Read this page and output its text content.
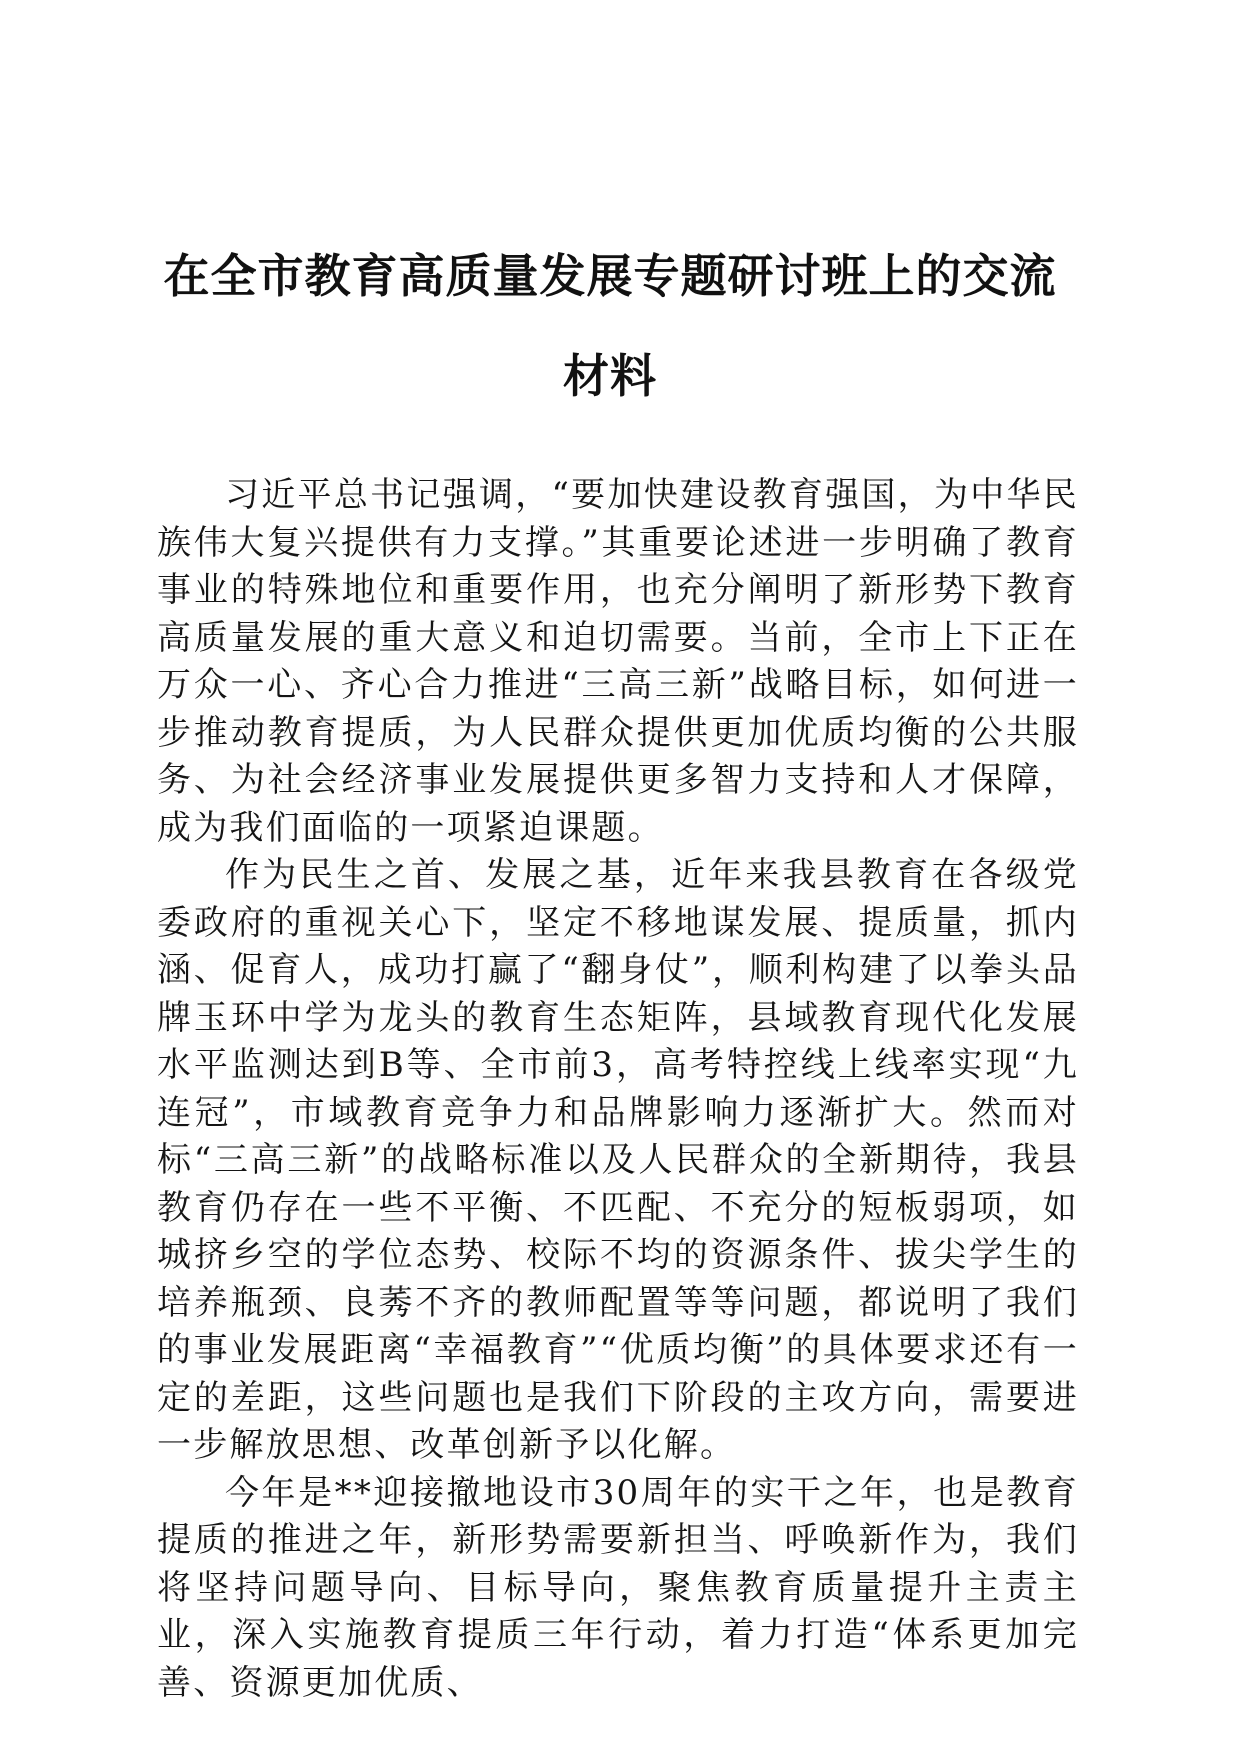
在全市教育高质量发展专题研讨班上的交流材料

习近平总书记强调，“要加快建设教育强国，为中华民族伟大复兴提供有力支撑。”其重要论述进一步明确了教育事业的特殊地位和重要作用，也充分阐明了新形势下教育高质量发展的重大意义和迫切需要。当前，全市上下正在万众一心、齐心合力推进“三高三新”战略目标，如何进一步推动教育提质，为人民群众提供更加优质均衡的公共服务、为社会经济事业发展提供更多智力支持和人才保障，成为我们面临的一项紧迫课题。

作为民生之首、发展之基，近年来我县教育在各级党委政府的重视关心下，坚定不移地谋发展、提质量，抓内涵、促育人，成功打赢了“翻身仗”，顺利构建了以拳头品牌玉环中学为龙头的教育生态矩阵，县域教育现代化发展水平监测达到B等、全市前3，高考特控线上线率实现“九连冠”，市域教育竞争力和品牌影响力逐渐扩大。然而对标“三高三新”的战略标准以及人民群众的全新期待，我县教育仍存在一些不平衡、不匹配、不充分的短板弱项，如城挤乡空的学位态势、校际不均的资源条件、拔尖学生的培养瓶颈、良莠不齐的教师配置等等问题，都说明了我们的事业发展距离“幸福教育”“优质均衡”的具体要求还有一定的差距，这些问题也是我们下阶段的主攻方向，需要进一步解放思想、改革创新予以化解。

今年是**迎接撤地设市30周年的实干之年，也是教育提质的推进之年，新形势需要新担当、呼唤新作为，我们将坚持问题导向、目标导向，聚焦教育质量提升主责主业，深入实施教育提质三年行动，着力打造“体系更加完善、资源更加优质、
